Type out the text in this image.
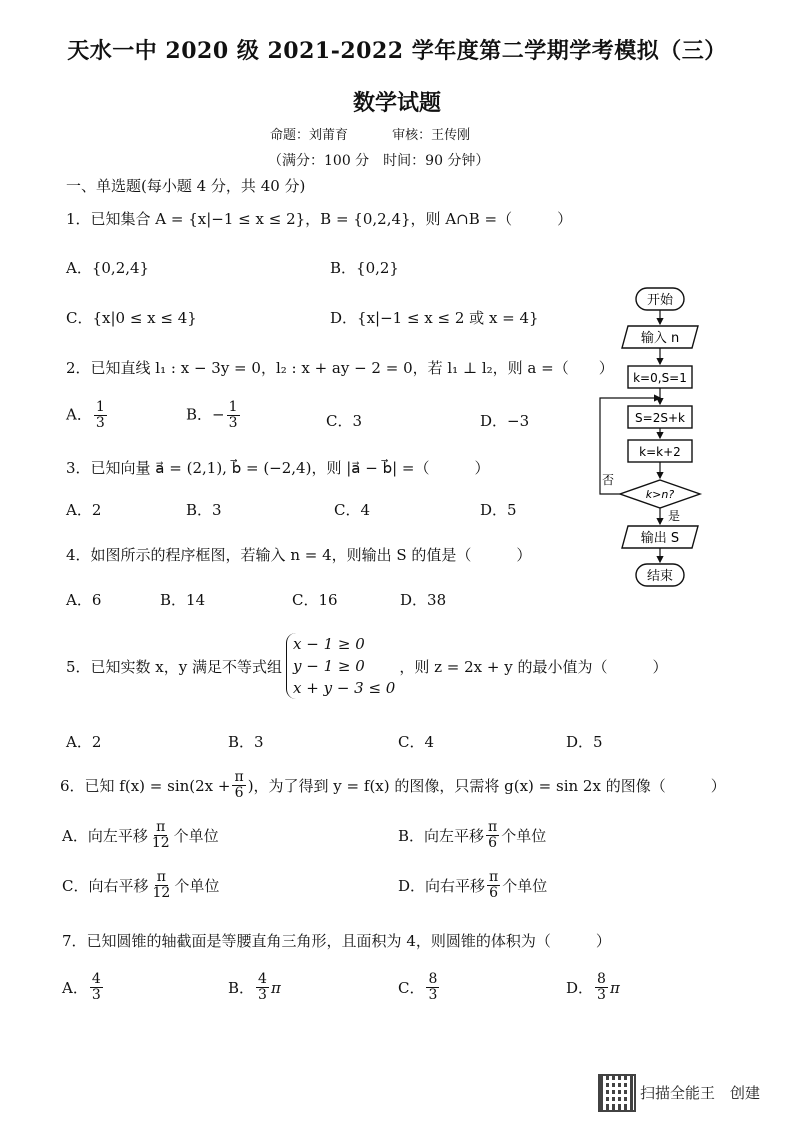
天水一中 2020 级 2021-2022 学年度第二学期学考模拟（三）
数学试题
命题：刘莆育	审核：王传刚
（满分：100 分　时间：90 分钟）
一、单选题(每小题 4 分，共 40 分)
1．已知集合 A = {x|−1 ≤ x ≤ 2}，B = {0,2,4}，则 A∩B =（　　　）
A．{0,2,4}	B．{0,2}
C．{x|0 ≤ x ≤ 4}	D．{x|−1 ≤ x ≤ 2 或 x = 4}
2．已知直线 l₁ : x − 3y = 0，l₂ : x + ay − 2 = 0，若 l₁ ⊥ l₂，则 a =（　　）
A． $\frac{1}{3}$	B．− $\frac{1}{3}$	C．3	D．−3
3．已知向量 a⃗ = (2,1), b⃗ = (−2,4)，则 |a⃗ − b⃗| =（　　　）
A．2	B．3	C．4	D．5
4．如图所示的程序框图，若输入 n = 4，则输出 S 的值是（　　　）
A．6	B．14	C．16	D．38
5．已知实数 x，y 满足不等式组
x − 1 ≥ 0
y − 1 ≥ 0
x + y − 3 ≤ 0
，则 z = 2x + y 的最小值为（　　　）
A．2	B．3	C．4	D．5
6．已知 $f(x) = \sin(2x + \frac{\pi}{6}$ )，为了得到 y = f(x) 的图像，只需将 g(x) = sin 2x 的图像（　　　）
A．向左平移 $\frac{\pi}{12}$ 个单位	B．向左平移 $\frac{\pi}{6}$ 个单位
C．向右平移 $\frac{\pi}{12}$ 个单位	D．向右平移 $\frac{\pi}{6}$ 个单位
7．已知圆锥的轴截面是等腰直角三角形，且面积为 4，则圆锥的体积为（　　　）
A． $\frac{4}{3}$	B． $\frac{4}{3}$ π	C． $\frac{8}{3}$	D． $\frac{8}{3}$ π
开始
输入 n
k=0,S=1
S=2S+k
k=k+2
k>n?
否
是
输出 S
结束
扫描全能王　创建
